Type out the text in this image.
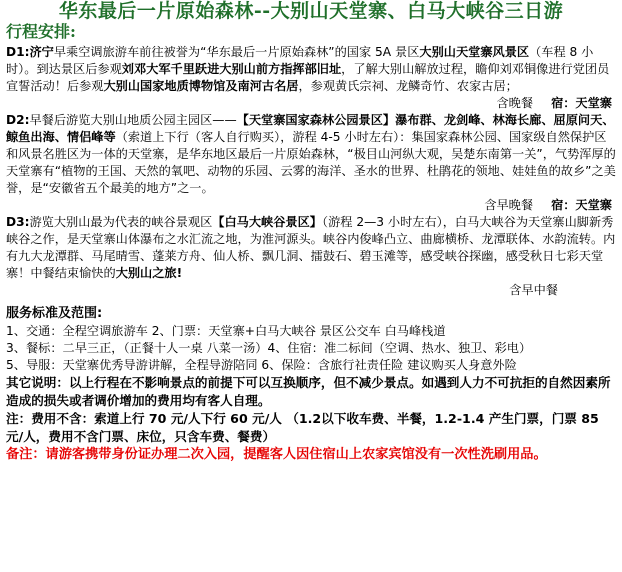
华东最后一片原始森林--大别山天堂寨、白马大峡谷三日游
行程安排:

D1:济宁早乘空调旅游车前往被誉为“华东最后一片原始森林”的国家 5A 景区大别山天堂寨风景区（车程 8 小时）。到达景区后参观刘邓大军千里跃进大别山前方指挥部旧址，了解大别山解放过程，瞻仰刘邓铜像进行党团员宣誓活动！后参观大别山国家地质博物馆及南河古名居，参观黄氏宗祠、龙鳞奇竹、农家古居；

含晚餐 宿：天堂寨

D2:早餐后游览大别山地质公园主园区——【天堂寨国家森林公园景区】瀑布群、龙剑峰、林海长廊、屈原问天、鲸鱼出海、情侣峰等（索道上下行（客人自行购买），游程 4-5 小时左右）：集国家森林公园、国家级自然保护区和风景名胜区为一体的天堂寨，是华东地区最后一片原始森林，“极目山河纵大观，吴楚东南第一关”，气势浑厚的天堂寨有“植物的王国、天然的氧吧、动物的乐园、云雾的海洋、圣水的世界、杜鹃花的领地、娃娃鱼的故乡”之美誉，是“安徽省五个最美的地方”之一。

含早晚餐 宿：天堂寨

D3:游览大别山最为代表的峡谷景观区【白马大峡谷景区】（游程 2—3 小时左右），白马大峡谷为天堂寨山脚新秀峡谷之作，是天堂寨山体瀑布之水汇流之地，为淮河源头。峡谷内俊峰凸立、曲廊横桥、龙潭联体、水韵流转。内有九大龙潭群、马尾晴雪、蓬莱方舟、仙人桥、飘几洞、擂鼓石、碧玉滩等，感受峡谷探幽，感受秋日七彩天堂寨！中餐结束愉快的大别山之旅!

含早中餐
服务标准及范围:

1、交通：全程空调旅游车 2、门票：天堂寨+白马大峡谷 景区公交车 白马峰栈道

3、餐标：二早三正，（正餐十人一桌 八菜一汤）4、住宿：准二标间（空调、热水、独卫、彩电）

5、导服：天堂寨优秀导游讲解，全程导游陪同 6、保险：含旅行社责任险 建议购买人身意外险

其它说明：以上行程在不影响景点的前提下可以互换顺序，但不减少景点。如遇到人力不可抗拒的自然因素所造成的损失或者调价增加的费用均有客人自理。

注：费用不含：索道上行 70 元/人下行 60 元/人 （1.2以下收车费、半餐，1.2-1.4 产生门票，门票 85 元/人，费用不含门票、床位，只含车费、餐费）

备注：请游客携带身份证办理二次入园，提醒客人因住宿山上农家宾馆没有一次性洗刷用品。
